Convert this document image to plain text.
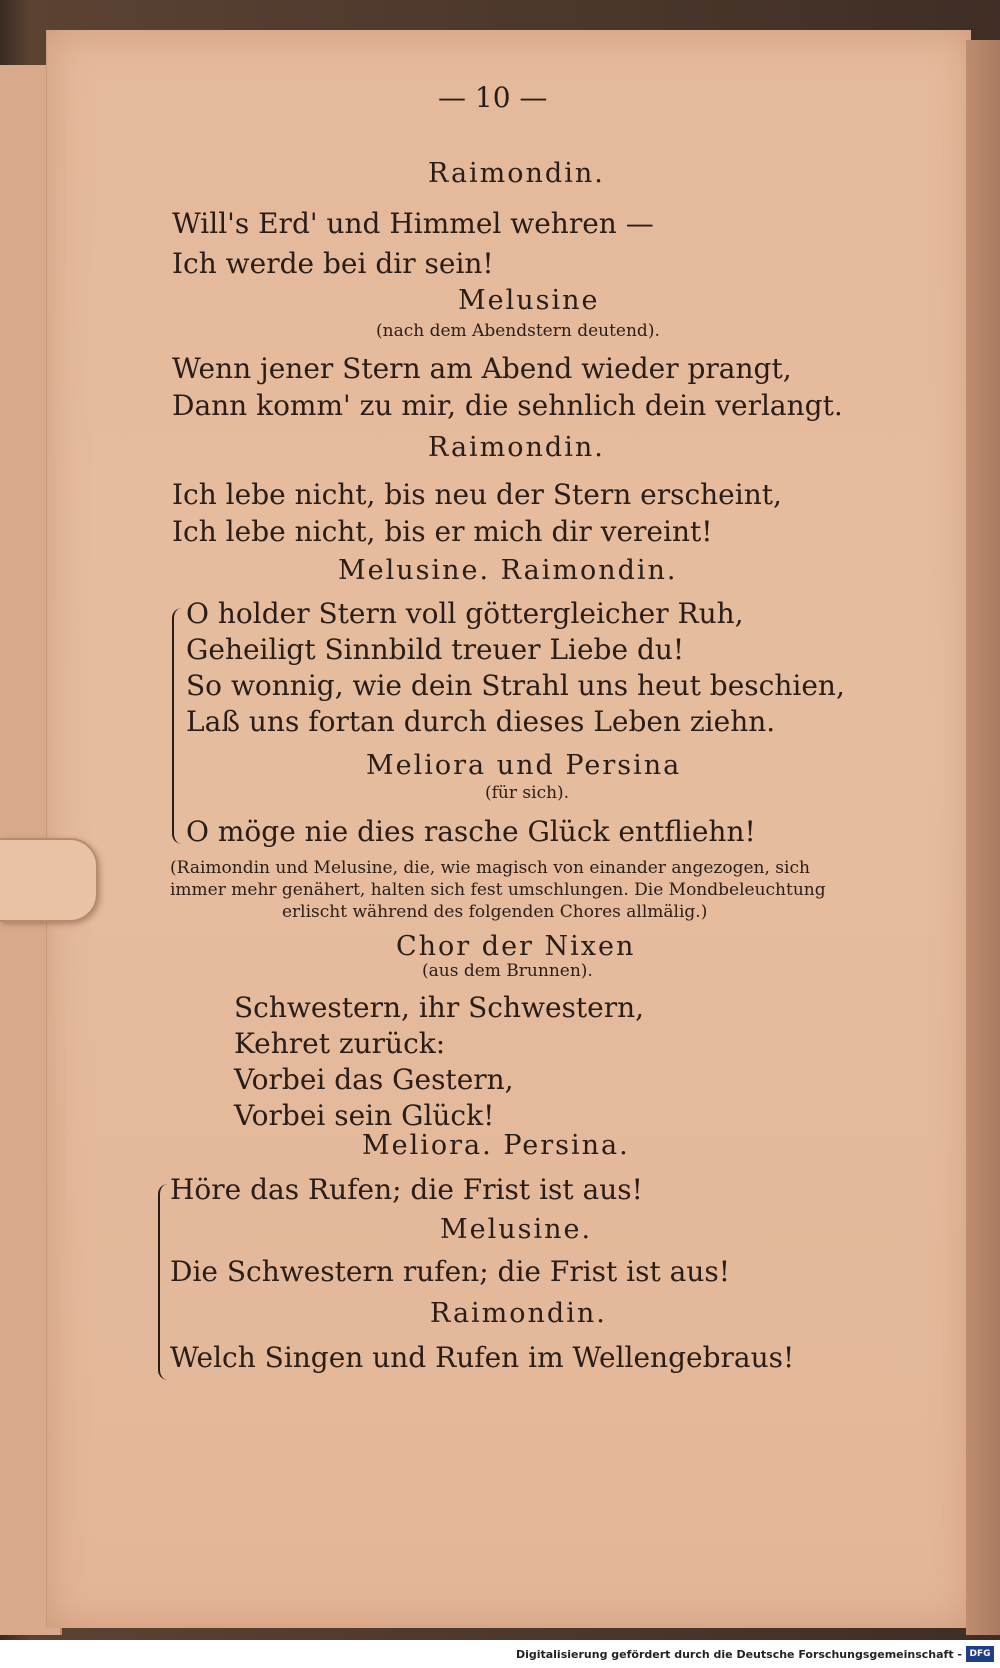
— 10 —

Raimondin.

Will's Erd' und Himmel wehren —

Ich werde bei dir sein!

Melusine

(nach dem Abendstern deutend).

Wenn jener Stern am Abend wieder prangt,

Dann komm' zu mir, die sehnlich dein verlangt.

Raimondin.

Ich lebe nicht, bis neu der Stern erscheint,

Ich lebe nicht, bis er mich dir vereint!

Melusine. Raimondin.

O holder Stern voll göttergleicher Ruh,

Geheiligt Sinnbild treuer Liebe du!

So wonnig, wie dein Strahl uns heut beschien,

Laß uns fortan durch dieses Leben ziehn.

Meliora und Persina

(für sich).

O möge nie dies rasche Glück entfliehn!

(Raimondin und Melusine, die, wie magisch von einander angezogen, sich

immer mehr genähert, halten sich fest umschlungen. Die Mondbeleuchtung

erlischt während des folgenden Chores allmälig.)

Chor der Nixen

(aus dem Brunnen).

Schwestern, ihr Schwestern,

Kehret zurück:

Vorbei das Gestern,

Vorbei sein Glück!

Meliora. Persina.

Höre das Rufen; die Frist ist aus!

Melusine.

Die Schwestern rufen; die Frist ist aus!

Raimondin.

Welch Singen und Rufen im Wellengebraus!

Digitalisierung gefördert durch die Deutsche Forschungsgemeinschaft - DFG
